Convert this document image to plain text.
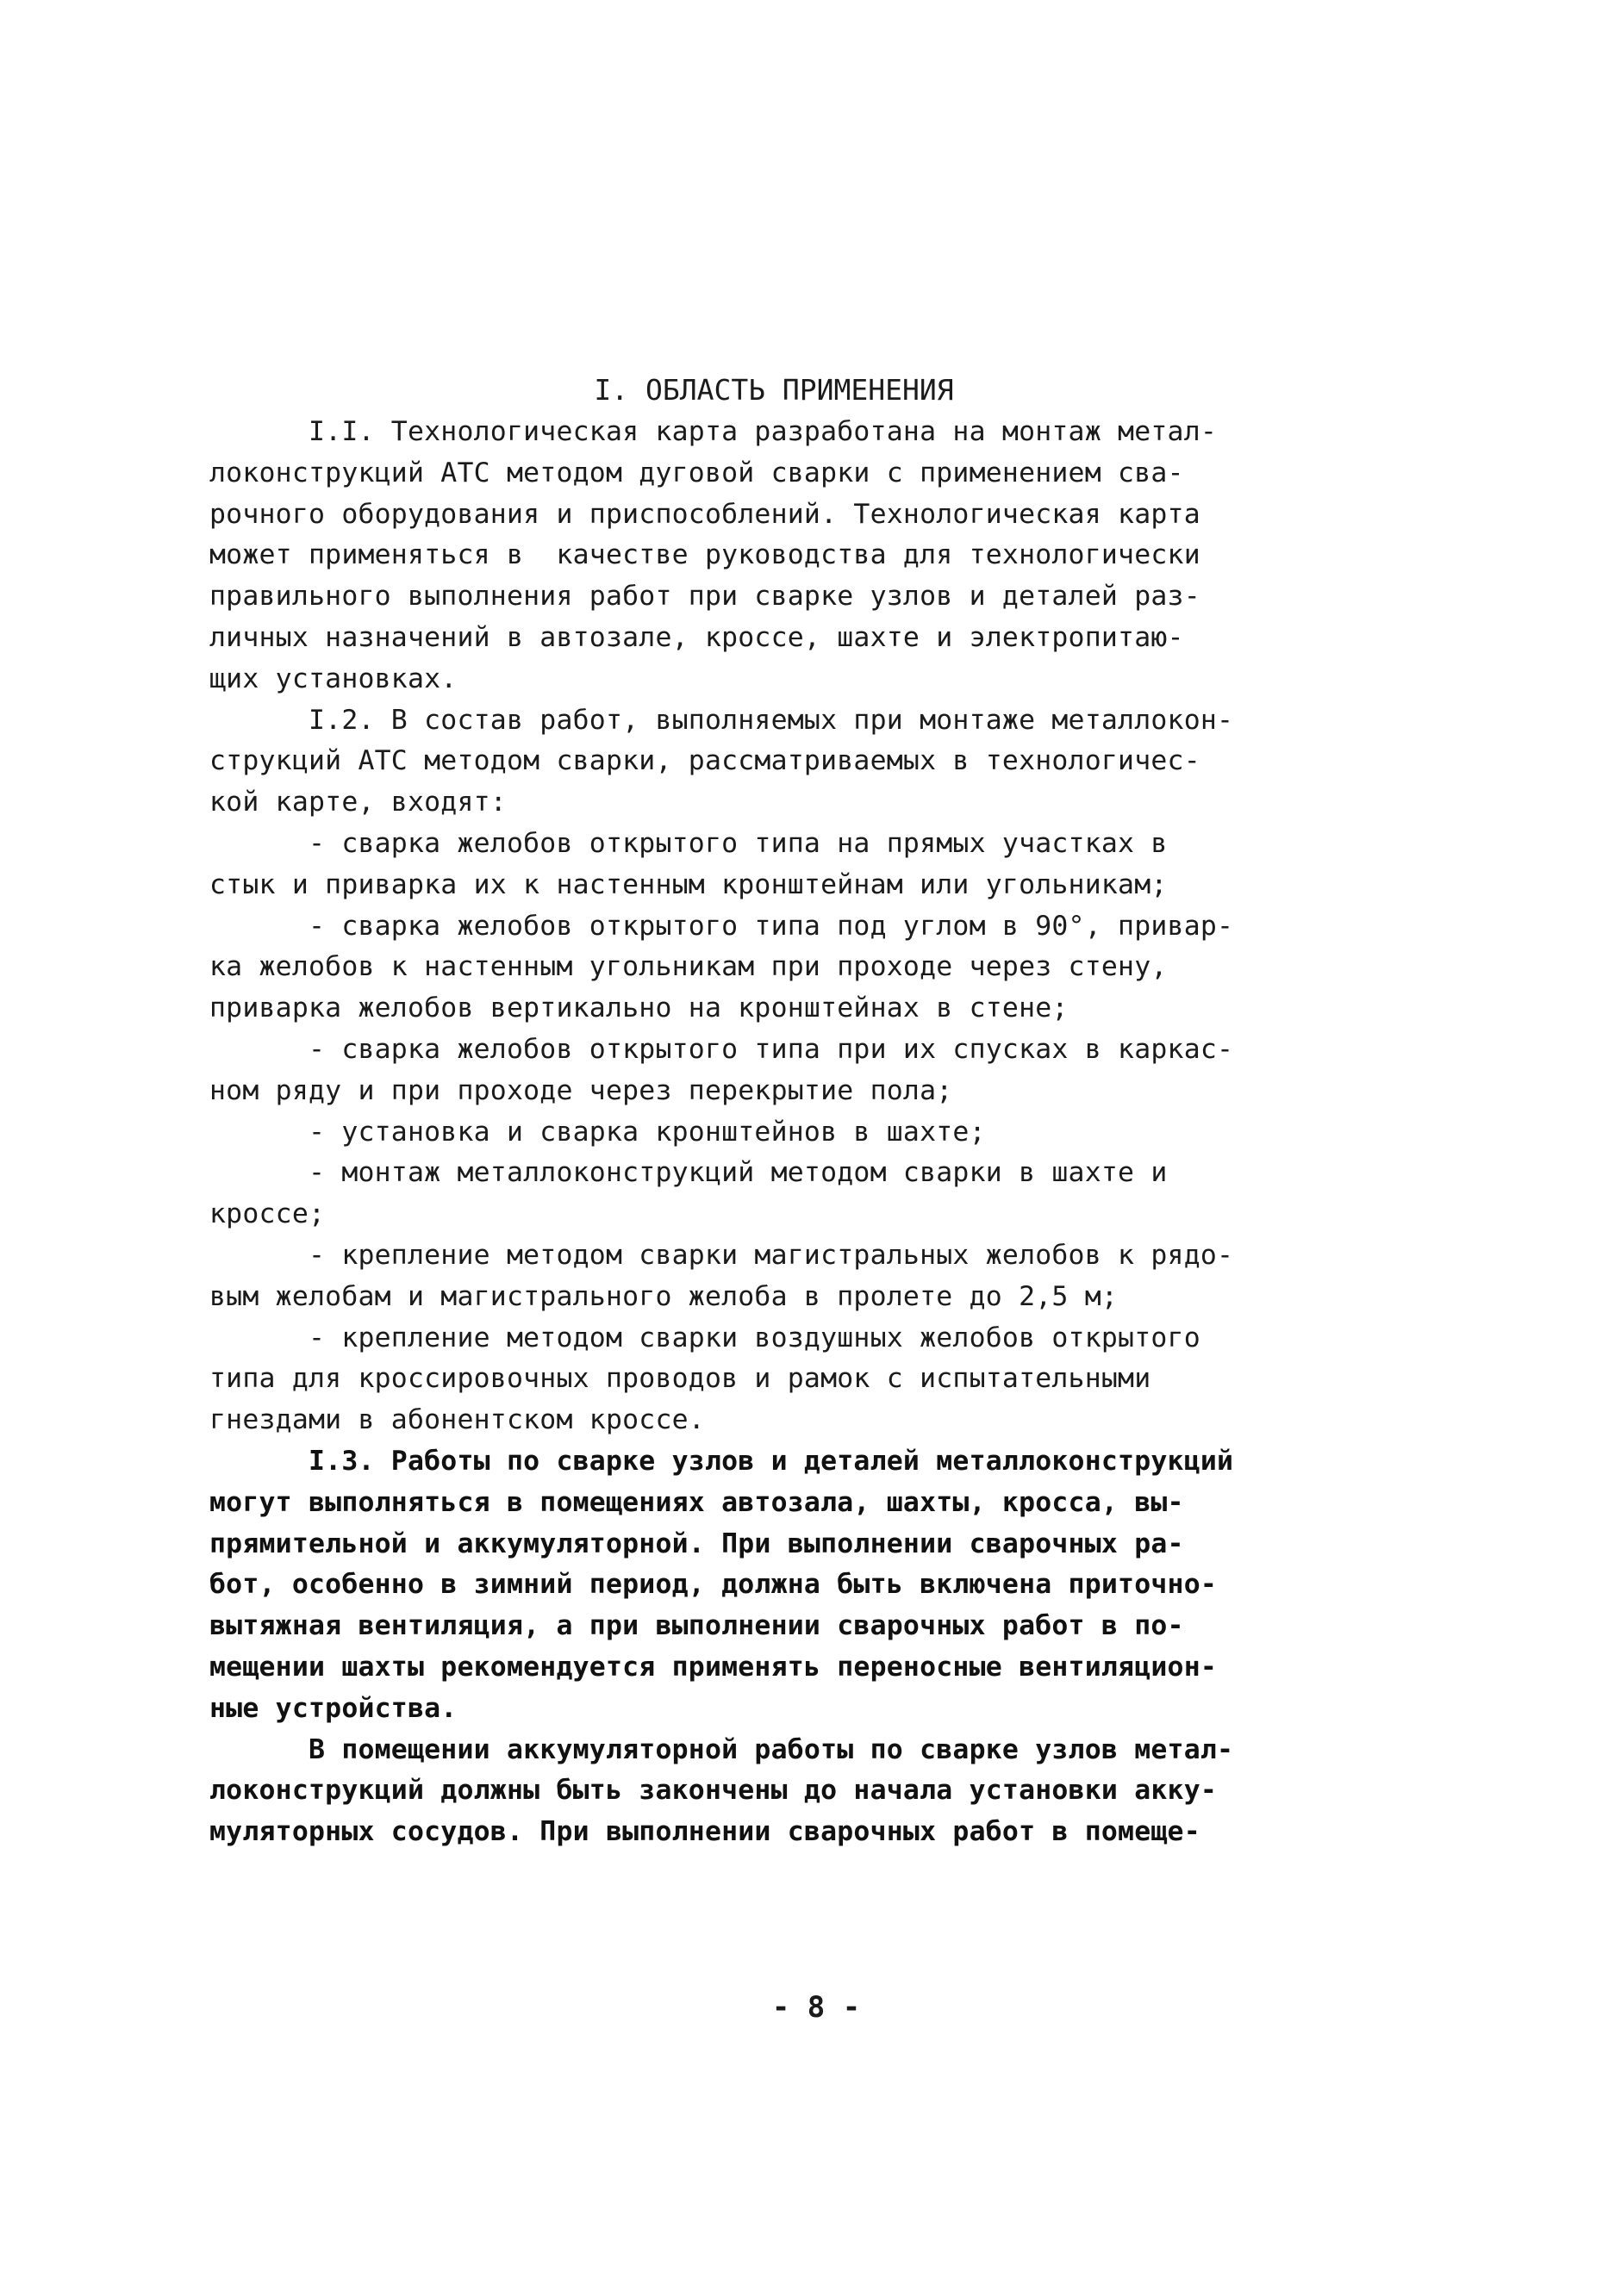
I. ОБЛАСТЬ ПРИМЕНЕНИЯ
I.I. Технологическая карта разработана на монтаж метал-
локонструкций АТС методом дуговой сварки с применением сва-
рочного оборудования и приспособлений. Технологическая карта
может применяться в  качестве руководства для технологически
правильного выполнения работ при сварке узлов и деталей раз-
личных назначений в автозале, кроссе, шахте и электропитаю-
щих установках.
I.2. В состав работ, выполняемых при монтаже металлокон-
струкций АТС методом сварки, рассматриваемых в технологичес-
кой карте, входят:
- сварка желобов открытого типа на прямых участках в
стык и приварка их к настенным кронштейнам или угольникам;
- сварка желобов открытого типа под углом в 90°, привар-
ка желобов к настенным угольникам при проходе через стену,
приварка желобов вертикально на кронштейнах в стене;
- сварка желобов открытого типа при их спусках в каркас-
ном ряду и при проходе через перекрытие пола;
- установка и сварка кронштейнов в шахте;
- монтаж металлоконструкций методом сварки в шахте и
кроссе;
- крепление методом сварки магистральных желобов к рядо-
вым желобам и магистрального желоба в пролете до 2,5 м;
- крепление методом сварки воздушных желобов открытого
типа для кроссировочных проводов и рамок с испытательными
гнездами в абонентском кроссе.
I.3. Работы по сварке узлов и деталей металлоконструкций
могут выполняться в помещениях автозала, шахты, кросса, вы-
прямительной и аккумуляторной. При выполнении сварочных ра-
бот, особенно в зимний период, должна быть включена приточно-
вытяжная вентиляция, а при выполнении сварочных работ в по-
мещении шахты рекомендуется применять переносные вентиляцион-
ные устройства.
В помещении аккумуляторной работы по сварке узлов метал-
локонструкций должны быть закончены до начала установки акку-
муляторных сосудов. При выполнении сварочных работ в помеще-
- 8 -
